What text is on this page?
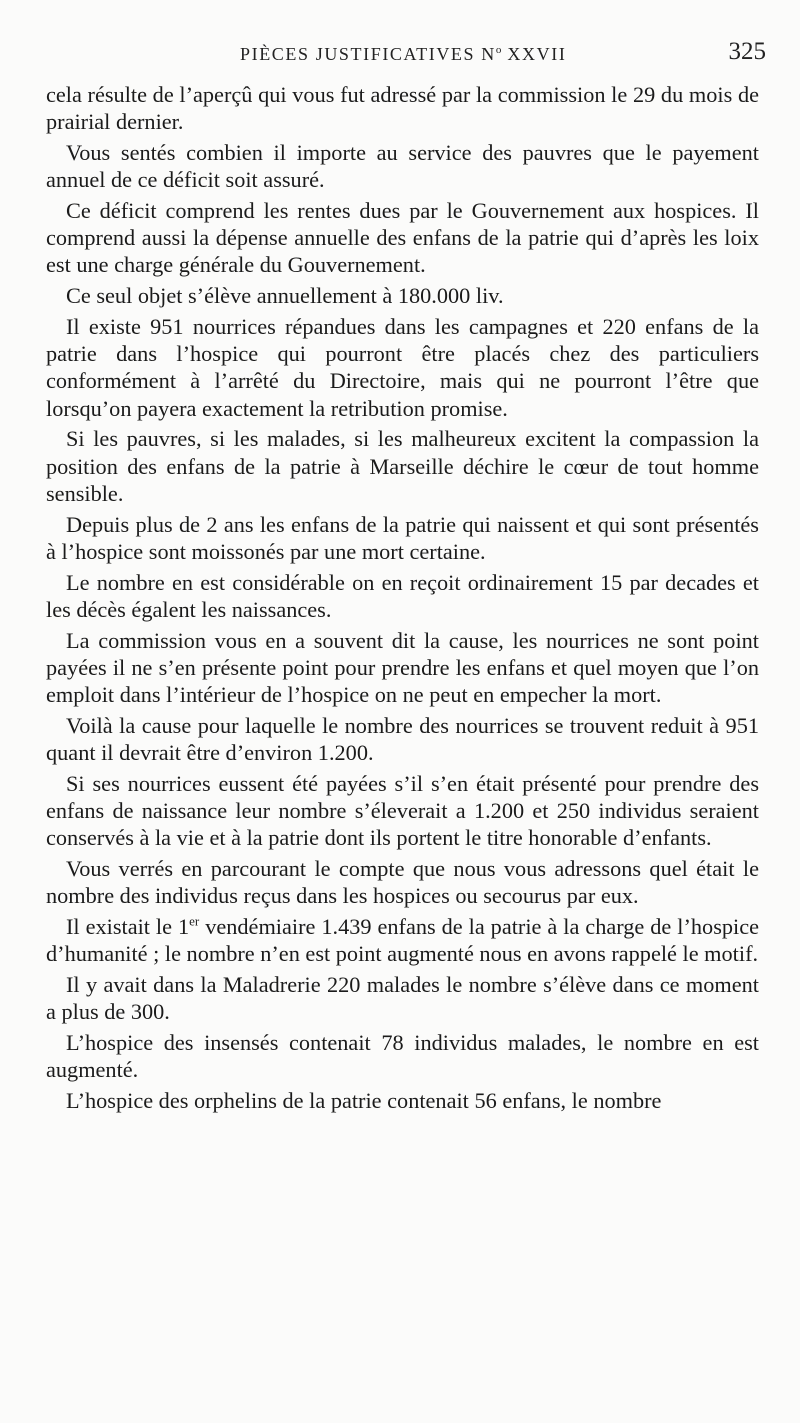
PIÈCES JUSTIFICATIVES $N^o$ XXVII	325

cela résulte de l’aperçû qui vous fut adressé par la commission le 29 du mois de prairial dernier.

Vous sentés combien il importe au service des pauvres que le payement annuel de ce déficit soit assuré.

Ce déficit comprend les rentes dues par le Gouvernement aux hospices. Il comprend aussi la dépense annuelle des enfans de la patrie qui d’après les loix est une charge générale du Gouvernement.

Ce seul objet s’élève annuellement à 180.000 liv.

Il existe 951 nourrices répandues dans les campagnes et 220 enfans de la patrie dans l’hospice qui pourront être placés chez des particuliers conformément à l’arrêté du Directoire, mais qui ne pourront l’être que lorsqu’on payera exactement la retribution promise.

Si les pauvres, si les malades, si les malheureux excitent la compassion la position des enfans de la patrie à Marseille déchire le cœur de tout homme sensible.

Depuis plus de 2 ans les enfans de la patrie qui naissent et qui sont présentés à l’hospice sont moissonés par une mort certaine.

Le nombre en est considérable on en reçoit ordinairement 15 par decades et les décès égalent les naissances.

La commission vous en a souvent dit la cause, les nourrices ne sont point payées il ne s’en présente point pour prendre les enfans et quel moyen que l’on emploit dans l’intérieur de l’hospice on ne peut en empecher la mort.

Voilà la cause pour laquelle le nombre des nourrices se trouvent reduit à 951 quant il devrait être d’environ 1.200.

Si ses nourrices eussent été payées s’il s’en était présenté pour prendre des enfans de naissance leur nombre s’éleverait a 1.200 et 250 individus seraient conservés à la vie et à la patrie dont ils portent le titre honorable d’enfants.

Vous verrés en parcourant le compte que nous vous adressons quel était le nombre des individus reçus dans les hospices ou secourus par eux.

Il existait le 1er vendémiaire 1.439 enfans de la patrie à la charge de l’hospice d’humanité ; le nombre n’en est point augmenté nous en avons rappelé le motif.

Il y avait dans la Maladrerie 220 malades le nombre s’élève dans ce moment a plus de 300.

L’hospice des insensés contenait 78 individus malades, le nombre en est augmenté.

L’hospice des orphelins de la patrie contenait 56 enfans, le nombre
